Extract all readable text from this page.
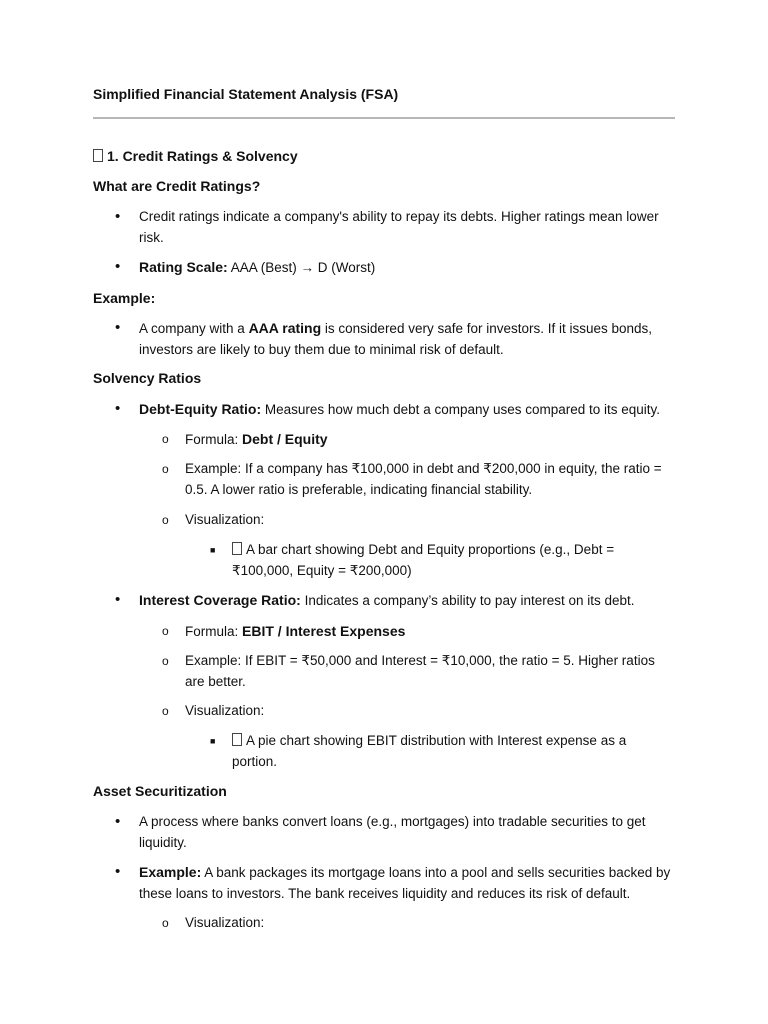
Simplified Financial Statement Analysis (FSA)
1. Credit Ratings & Solvency
What are Credit Ratings?
• Credit ratings indicate a company's ability to repay its debts. Higher ratings mean lower risk.
• Rating Scale: AAA (Best) → D (Worst)
Example:
• A company with a AAA rating is considered very safe for investors. If it issues bonds, investors are likely to buy them due to minimal risk of default.
Solvency Ratios
• Debt-Equity Ratio: Measures how much debt a company uses compared to its equity.
o Formula: Debt / Equity
o Example: If a company has ₹100,000 in debt and ₹200,000 in equity, the ratio = 0.5. A lower ratio is preferable, indicating financial stability.
o Visualization:
■ A bar chart showing Debt and Equity proportions (e.g., Debt = ₹100,000, Equity = ₹200,000)
• Interest Coverage Ratio: Indicates a company’s ability to pay interest on its debt.
o Formula: EBIT / Interest Expenses
o Example: If EBIT = ₹50,000 and Interest = ₹10,000, the ratio = 5. Higher ratios are better.
o Visualization:
■ A pie chart showing EBIT distribution with Interest expense as a portion.
Asset Securitization
• A process where banks convert loans (e.g., mortgages) into tradable securities to get liquidity.
• Example: A bank packages its mortgage loans into a pool and sells securities backed by these loans to investors. The bank receives liquidity and reduces its risk of default.
o Visualization:
